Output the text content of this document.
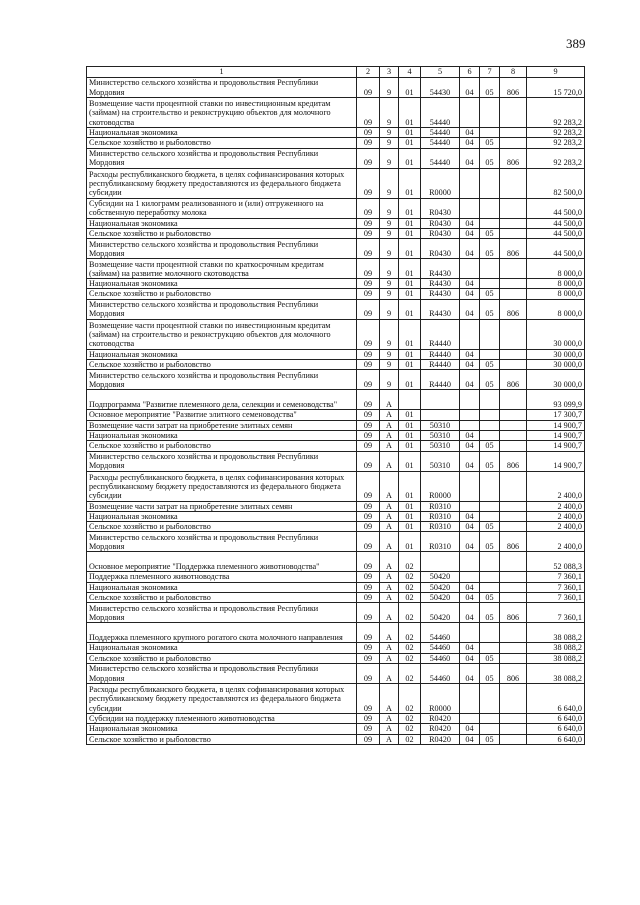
389
1	2	3	4	5	6	7	8	9
Министерство сельского хозяйства и продовольствия Республики Мордовия	09	9	01	54430	04	05	806	15 720,0
Возмещение части процентной ставки по инвестиционным кредитам (займам) на строительство и реконструкцию объектов для молочного скотоводства	09	9	01	54440				92 283,2
Национальная экономика	09	9	01	54440	04			92 283,2
Сельское хозяйство и рыболовство	09	9	01	54440	04	05		92 283,2
Министерство сельского хозяйства и продовольствия Республики Мордовия	09	9	01	54440	04	05	806	92 283,2
Расходы республиканского бюджета, в целях софинансирования которых республиканскому бюджету предоставляются из федерального бюджета субсидии	09	9	01	R0000				82 500,0
Субсидии на 1 килограмм реализованного и (или) отгруженного на собственную переработку молока	09	9	01	R0430				44 500,0
Национальная экономика	09	9	01	R0430	04			44 500,0
Сельское хозяйство и рыболовство	09	9	01	R0430	04	05		44 500,0
Министерство сельского хозяйства и продовольствия Республики Мордовия	09	9	01	R0430	04	05	806	44 500,0
Возмещение части процентной ставки по краткосрочным кредитам (займам) на развитие молочного скотоводства	09	9	01	R4430				8 000,0
Национальная экономика	09	9	01	R4430	04			8 000,0
Сельское хозяйство и рыболовство	09	9	01	R4430	04	05		8 000,0
Министерство сельского хозяйства и продовольствия Республики Мордовия	09	9	01	R4430	04	05	806	8 000,0
Возмещение части процентной ставки по инвестиционным кредитам (займам) на строительство и реконструкцию объектов для молочного скотоводства	09	9	01	R4440				30 000,0
Национальная экономика	09	9	01	R4440	04			30 000,0
Сельское хозяйство и рыболовство	09	9	01	R4440	04	05		30 000,0
Министерство сельского хозяйства и продовольствия Республики Мордовия	09	9	01	R4440	04	05	806	30 000,0
Подпрограмма "Развитие племенного дела, селекции и семеноводства"	09	А						93 099,9
Основное мероприятие "Развитие элитного семеноводства"	09	А	01					17 300,7
Возмещение части затрат на приобретение элитных семян	09	А	01	50310				14 900,7
Национальная экономика	09	А	01	50310	04			14 900,7
Сельское хозяйство и рыболовство	09	А	01	50310	04	05		14 900,7
Министерство сельского хозяйства и продовольствия Республики Мордовия	09	А	01	50310	04	05	806	14 900,7
Расходы республиканского бюджета, в целях софинансирования которых республиканскому бюджету предоставляются из федерального бюджета субсидии	09	А	01	R0000				2 400,0
Возмещение части затрат на приобретение элитных семян	09	А	01	R0310				2 400,0
Национальная экономика	09	А	01	R0310	04			2 400,0
Сельское хозяйство и рыболовство	09	А	01	R0310	04	05		2 400,0
Министерство сельского хозяйства и продовольствия Республики Мордовия	09	А	01	R0310	04	05	806	2 400,0
Основное мероприятие "Поддержка племенного животноводства"	09	А	02					52 088,3
Поддержка племенного животноводства	09	А	02	50420				7 360,1
Национальная экономика	09	А	02	50420	04			7 360,1
Сельское хозяйство и рыболовство	09	А	02	50420	04	05		7 360,1
Министерство сельского хозяйства и продовольствия Республики Мордовия	09	А	02	50420	04	05	806	7 360,1
Поддержка племенного крупного рогатого скота молочного направления	09	А	02	54460				38 088,2
Национальная экономика	09	А	02	54460	04			38 088,2
Сельское хозяйство и рыболовство	09	А	02	54460	04	05		38 088,2
Министерство сельского хозяйства и продовольствия Республики Мордовия	09	А	02	54460	04	05	806	38 088,2
Расходы республиканского бюджета, в целях софинансирования которых республиканскому бюджету предоставляются из федерального бюджета субсидии	09	А	02	R0000				6 640,0
Субсидии на поддержку племенного животноводства	09	А	02	R0420				6 640,0
Национальная экономика	09	А	02	R0420	04			6 640,0
Сельское хозяйство и рыболовство	09	А	02	R0420	04	05		6 640,0
